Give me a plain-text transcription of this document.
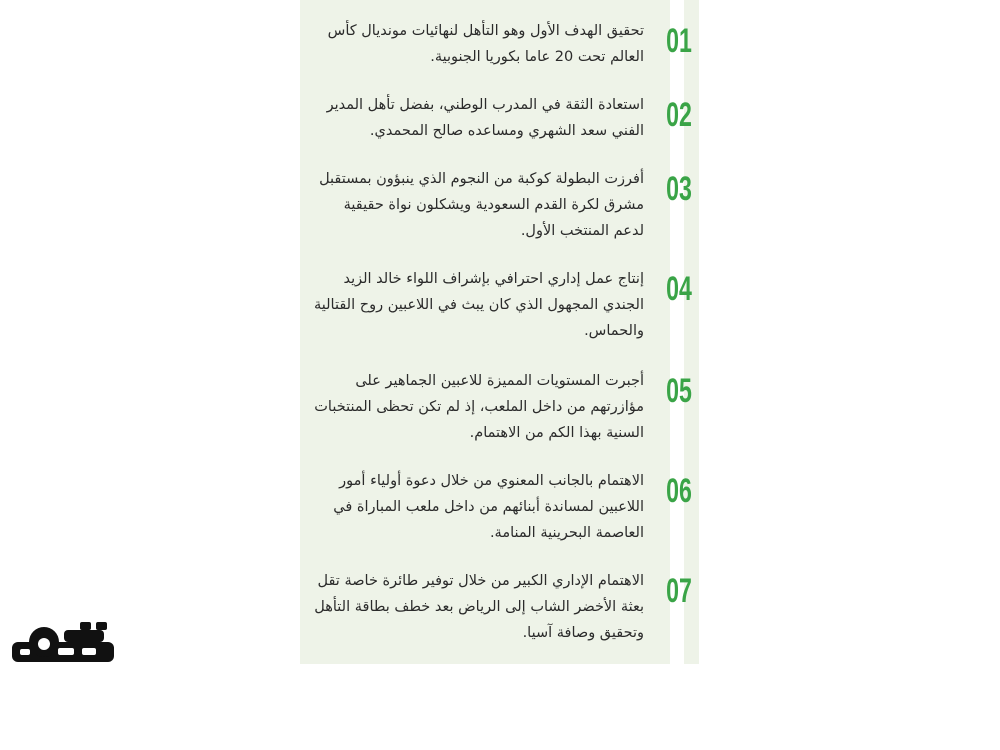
01
تحقيق الهدف الأول وهو التأهل لنهائيات مونديال كأس العالم تحت 20 عاما بكوريا الجنوبية.
02
استعادة الثقة في المدرب الوطني، بفضل تأهل المدير الفني سعد الشهري ومساعده صالح المحمدي.
03
أفرزت البطولة كوكبة من النجوم الذي ينبؤون بمستقبل مشرق لكرة القدم السعودية ويشكلون نواة حقيقية لدعم المنتخب الأول.
04
إنتاج عمل إداري احترافي بإشراف اللواء خالد الزيد الجندي المجهول الذي كان يبث في اللاعبين روح القتالية والحماس.
05
أجبرت المستويات المميزة للاعبين الجماهير على مؤازرتهم من داخل الملعب، إذ لم تكن تحظى المنتخبات السنية بهذا الكم من الاهتمام.
06
الاهتمام بالجانب المعنوي من خلال دعوة أولياء أمور اللاعبين لمساندة أبنائهم من داخل ملعب المباراة في العاصمة البحرينية المنامة.
07
الاهتمام الإداري الكبير من خلال توفير طائرة خاصة تقل بعثة الأخضر الشاب إلى الرياض بعد خطف بطاقة التأهل وتحقيق وصافة آسيا.
